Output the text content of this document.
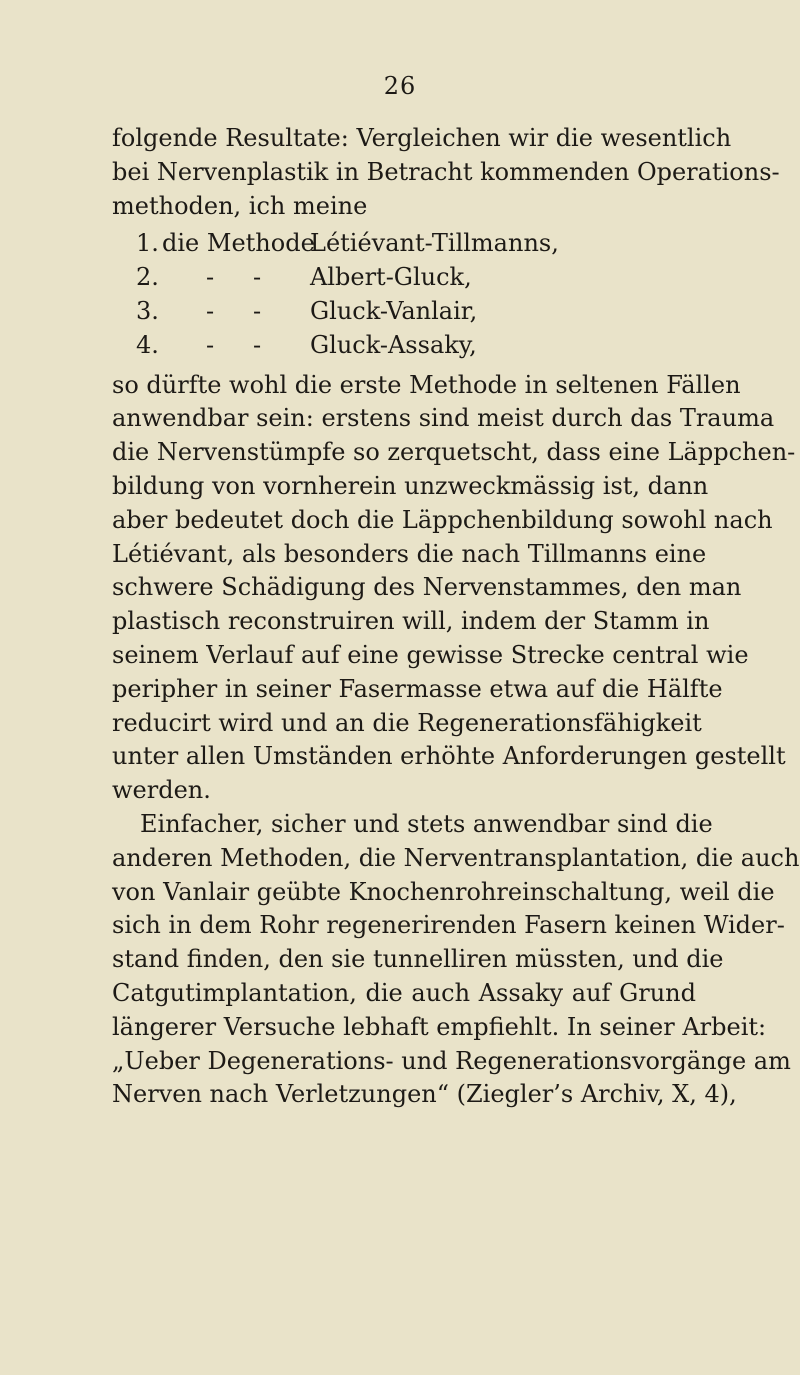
26
folgende Resultate: Vergleichen wir die wesentlich
bei Nervenplastik in Betracht kommenden Operations-
methoden, ich meine
1. die Methode
Létiévant-Tillmanns,
2. - - Albert-Gluck,
3. - - Gluck-Vanlair,
4. - - Gluck-Assaky,
so dürfte wohl die erste Methode in seltenen Fällen
anwendbar sein: erstens sind meist durch das Trauma
die Nervenstümpfe so zerquetscht, dass eine Läppchen-
bildung von vornherein unzweckmässig ist, dann
aber bedeutet doch die Läppchenbildung sowohl nach
Létiévant, als besonders die nach Tillmanns eine
schwere Schädigung des Nervenstammes, den man
plastisch reconstruiren will, indem der Stamm in
seinem Verlauf auf eine gewisse Strecke central wie
peripher in seiner Fasermasse etwa auf die Hälfte
reducirt wird und an die Regenerationsfähigkeit
unter allen Umständen erhöhte Anforderungen gestellt
werden.
Einfacher, sicher und stets anwendbar sind die
anderen Methoden, die Nerventransplantation, die auch
von Vanlair geübte Knochenrohreinschaltung, weil die
sich in dem Rohr regenerirenden Fasern keinen Wider-
stand finden, den sie tunnelliren müssten, und die
Catgutimplantation, die auch Assaky auf Grund
längerer Versuche lebhaft empfiehlt. In seiner Arbeit:
„Ueber Degenerations- und Regenerationsvorgänge am
Nerven nach Verletzungen“ (Ziegler’s Archiv, X, 4),
